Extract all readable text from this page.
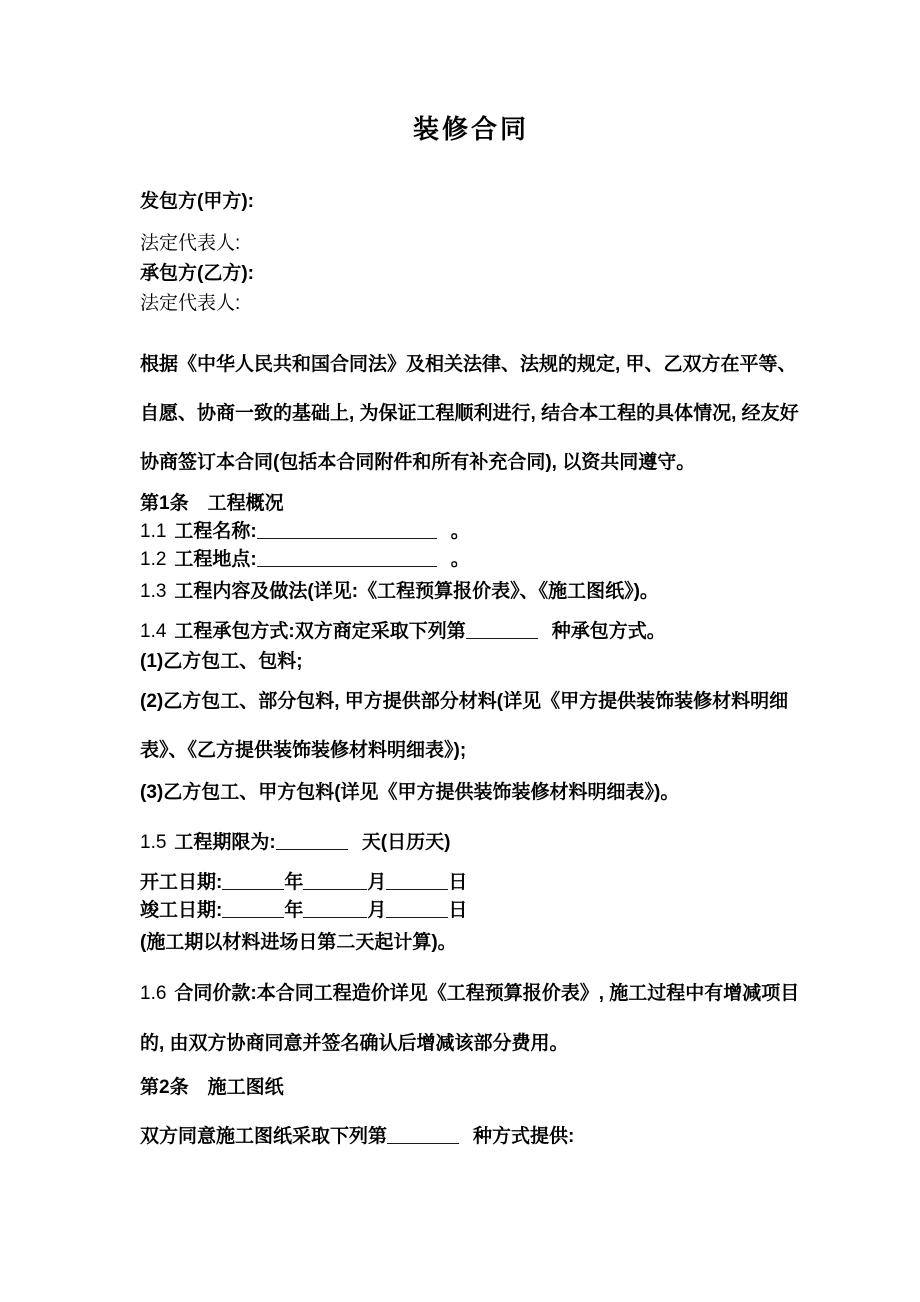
装修合同

发包方(甲方):

法定代表人:

承包方(乙方):

法定代表人:

根据《中华人民共和国合同法》及相关法律、法规的规定, 甲、乙双方在平等、自愿、协商一致的基础上, 为保证工程顺利进行, 结合本工程的具体情况, 经友好协商签订本合同(包括本合同附件和所有补充合同), 以资共同遵守。

第1条　工程概况

1.1 工程名称:	。

1.2 工程地点:	。

1.3 工程内容及做法(详见:《工程预算报价表》、《施工图纸》)。

1.4 工程承包方式:双方商定采取下列第	种承包方式。

(1)乙方包工、包料;

(2)乙方包工、部分包料, 甲方提供部分材料(详见《甲方提供装饰装修材料明细表》、《乙方提供装饰装修材料明细表》);

(3)乙方包工、甲方包料(详见《甲方提供装饰装修材料明细表》)。

1.5 工程期限为:	天(日历天)

开工日期:	年	月	日

竣工日期:	年	月	日

(施工期以材料进场日第二天起计算)。

1.6 合同价款:本合同工程造价详见《工程预算报价表》, 施工过程中有增减项目的, 由双方协商同意并签名确认后增减该部分费用。

第2条　施工图纸

双方同意施工图纸采取下列第	种方式提供:
